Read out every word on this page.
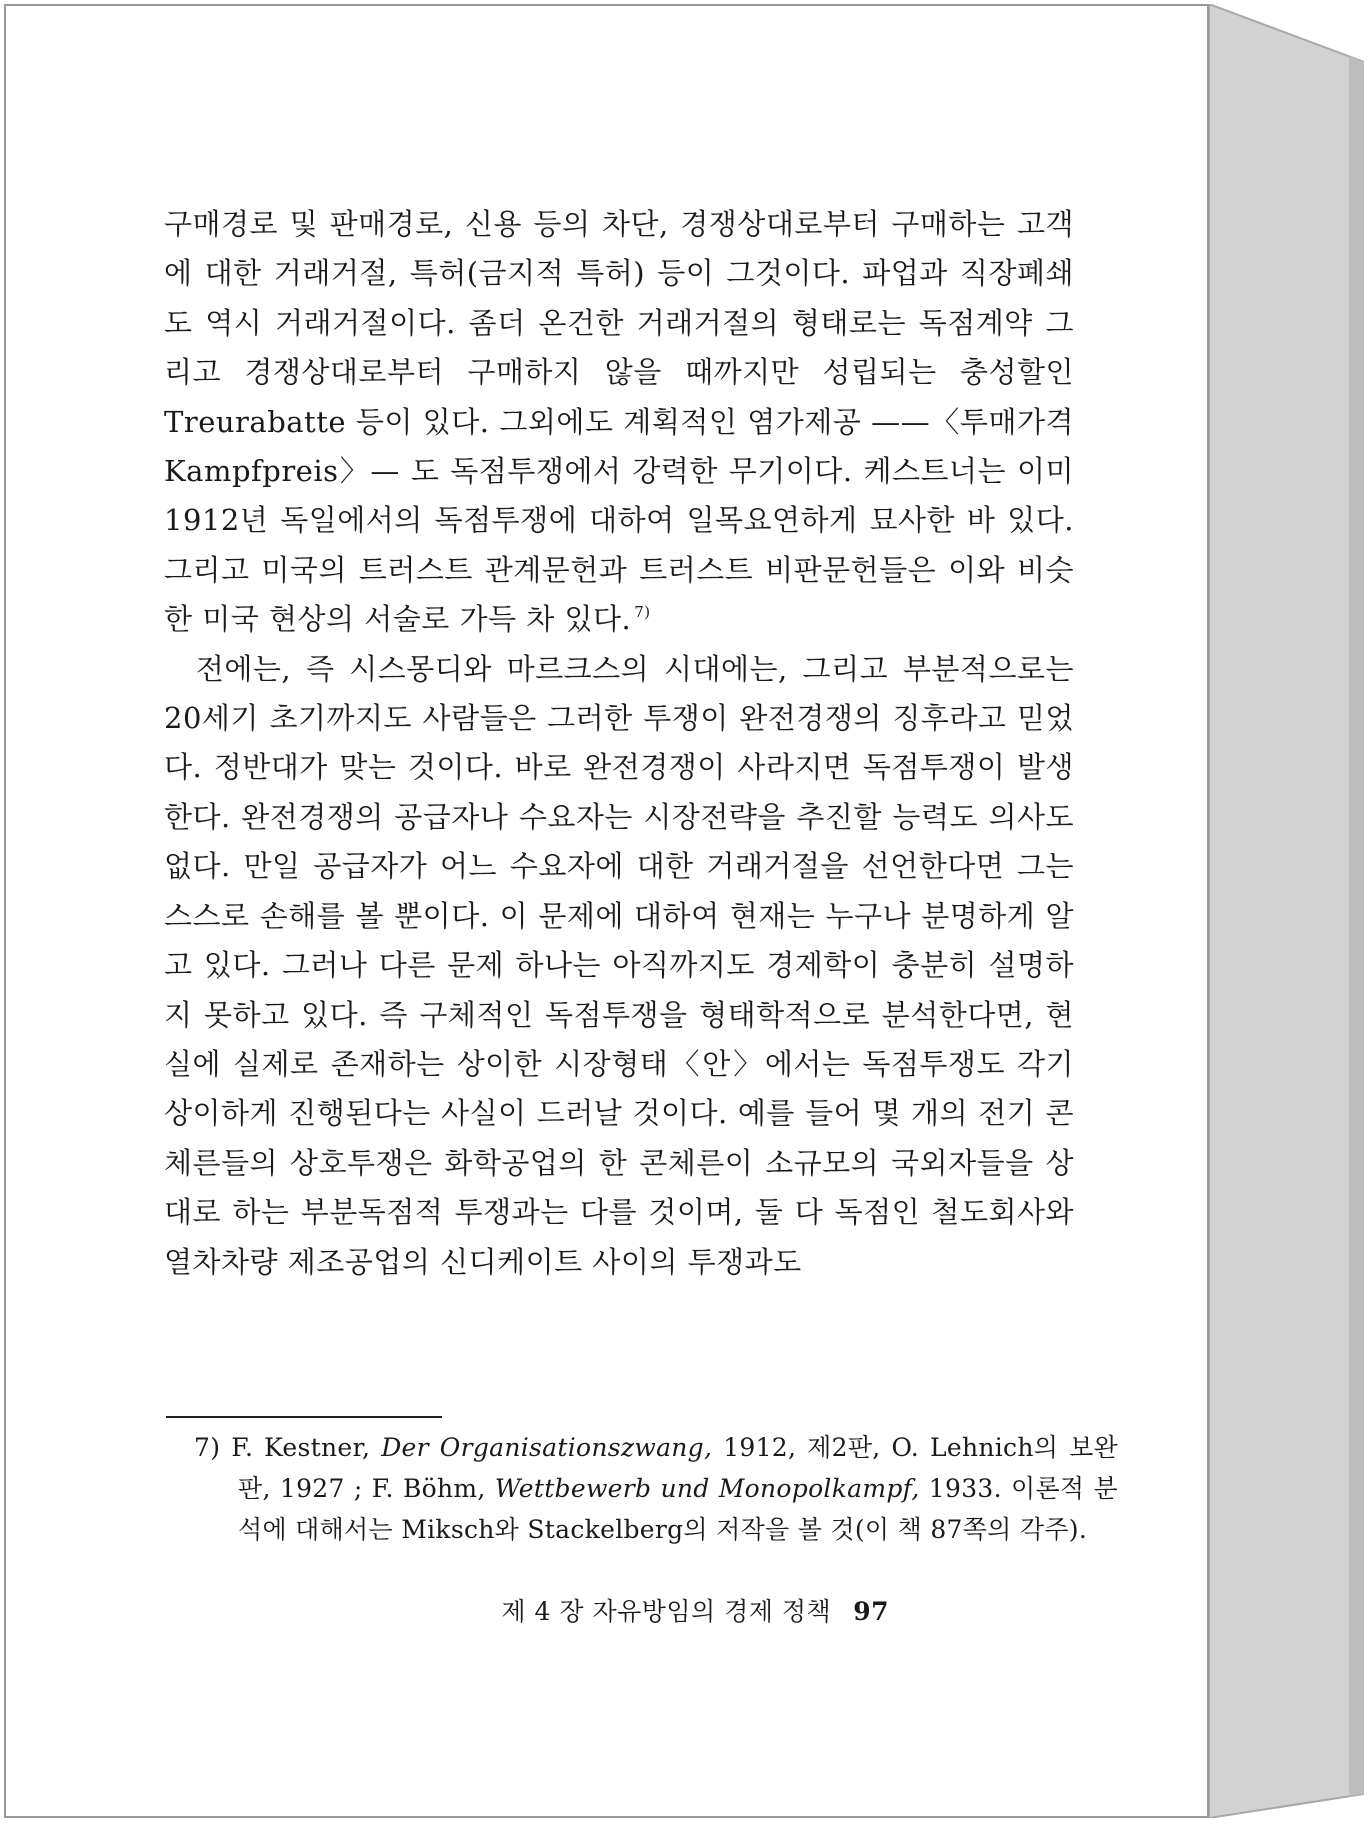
구매경로 및 판매경로, 신용 등의 차단, 경쟁상대로부터 구매하는 고객에 대한 거래거절, 특허(금지적 특허) 등이 그것이다. 파업과 직장폐쇄도 역시 거래거절이다. 좀더 온건한 거래거절의 형태로는 독점계약 그리고 경쟁상대로부터 구매하지 않을 때까지만 성립되는 충성할인 Treurabatte 등이 있다. 그외에도 계획적인 염가제공 ——〈투매가격Kampfpreis〉— 도 독점투쟁에서 강력한 무기이다. 케스트너는 이미 1912년 독일에서의 독점투쟁에 대하여 일목요연하게 묘사한 바 있다. 그리고 미국의 트러스트 관계문헌과 트러스트 비판문헌들은 이와 비슷한 미국 현상의 서술로 가득 차 있다. $^{7)}$

전에는, 즉 시스몽디와 마르크스의 시대에는, 그리고 부분적으로는 20세기 초기까지도 사람들은 그러한 투쟁이 완전경쟁의 징후라고 믿었다. 정반대가 맞는 것이다. 바로 완전경쟁이 사라지면 독점투쟁이 발생한다. 완전경쟁의 공급자나 수요자는 시장전략을 추진할 능력도 의사도 없다. 만일 공급자가 어느 수요자에 대한 거래거절을 선언한다면 그는 스스로 손해를 볼 뿐이다. 이 문제에 대하여 현재는 누구나 분명하게 알고 있다. 그러나 다른 문제 하나는 아직까지도 경제학이 충분히 설명하지 못하고 있다. 즉 구체적인 독점투쟁을 형태학적으로 분석한다면, 현실에 실제로 존재하는 상이한 시장형태〈안〉에서는 독점투쟁도 각기 상이하게 진행된다는 사실이 드러날 것이다. 예를 들어 몇 개의 전기 콘체른들의 상호투쟁은 화학공업의 한 콘체른이 소규모의 국외자들을 상대로 하는 부분독점적 투쟁과는 다를 것이며, 둘 다 독점인 철도회사와 열차차량 제조공업의 신디케이트 사이의 투쟁과도

7) F. Kestner, Der Organisationszwang, 1912, 제2판, O. Lehnich의 보완판, 1927 ; F. Böhm, Wettbewerb und Monopolkampf, 1933. 이론적 분석에 대해서는 Miksch와 Stackelberg의 저작을 볼 것(이 책 87쪽의 각주).
제 4 장 자유방임의 경제 정책 97
